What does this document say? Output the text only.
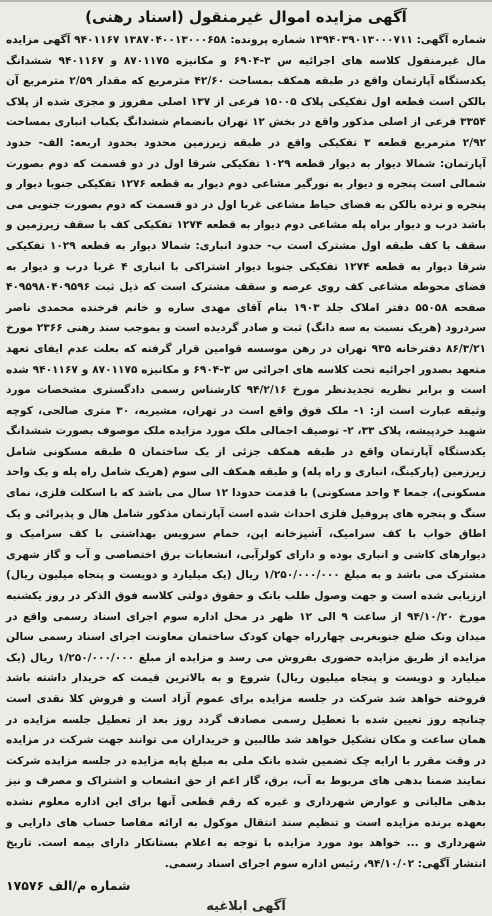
آگهی مزایده اموال غیرمنقول (اسناد رهنی)

شماره آگهی: ۱۳۹۴۰۳۹۰۱۳۰۰۰۷۱۱ شماره پرونده: ۱۳۸۷۰۴۰۰۱۳۰۰۰۶۵۸ ۹۴۰۱۱۶۷ آگهی مزایده مال غیرمنقول کلاسه های اجرائیه س ۳-۶۹۰۴ و مکانیزه ۸۷۰۱۱۷۵ و ۹۴۰۱۱۶۷ ششدانگ یکدستگاه آپارتمان واقع در طبقه همکف بمساحت ۴۲/۶۰ مترمربع که مقدار ۲/۵۹ مترمربع آن بالکن است قطعه اول تفکیکی پلاک ۱۵۰۰۵ فرعی از ۱۳۷ اصلی مفروز و مجزی شده از پلاک ۳۳۵۴ فرعی از اصلی مذکور واقع در بخش ۱۲ تهران بانضمام ششدانگ یکباب انباری بمساحت ۲/۹۲ مترمربع قطعه ۳ تفکیکی واقع در طبقه زیرزمین محدود بحدود اربعه: الف- حدود آپارتمان: شمالا دیوار به دیوار قطعه ۱۰۲۹ تفکیکی شرقا اول در دو قسمت که دوم بصورت شمالی است پنجره و دیوار به نورگیر مشاعی دوم دیوار به قطعه ۱۲۷۶ تفکیکی جنوبا دیوار و پنجره و نرده بالکن به فضای حیاط مشاعی غربا اول در دو قسمت که دوم بصورت جنوبی می باشد درب و دیوار براه پله مشاعی دوم دیوار به قطعه ۱۲۷۴ تفکیکی کف با سقف زیرزمین و سقف با کف طبقه اول مشترک است ب- حدود انباری: شمالا دیوار به قطعه ۱۰۲۹ تفکیکی شرقا دیوار به قطعه ۱۲۷۴ تفکیکی جنوبا دیوار اشتراکی با انباری ۴ غربا درب و دیوار به فضای محوطه مشاعی کف روی عرصه و سقف مشترک است که ذیل ثبت ۴۰۹۵۹۸۰۴۰۹۵۹۶ صفحه ۵۵۰۵۸ دفتر املاک جلد ۱۹۰۳ بنام آقای مهدی ساره و خانم فرخنده محمدی ناصر سردرود (هریک نسبت به سه دانگ) ثبت و صادر گردیده است و بموجب سند رهنی ۲۳۶۶ مورخ ۸۶/۳/۲۱ دفترخانه ۹۳۵ تهران در رهن موسسه قوامین قرار گرفته که بعلت عدم ایفای تعهد متعهد بصدور اجرائیه تحت کلاسه های اجرائی س ۳-۶۹۰۴ و مکانیزه ۸۷۰۱۱۷۵ و ۹۴۰۱۱۶۷ شده است و برابر نظریه تجدیدنظر مورخ ۹۴/۲/۱۶ کارشناس رسمی دادگستری مشخصات مورد وثیقه عبارت است از: ۱- ملک فوق واقع است در تهران، مشیریه، ۳۰ متری صالحی، کوچه شهید خردپیشه، پلاک ۳۳، ۲- توصیف اجمالی ملک مورد مزایده ملک موصوف بصورت ششدانگ یکدستگاه آپارتمان واقع در طبقه همکف جزئی از یک ساختمان ۵ طبقه مسکونی شامل زیرزمین (پارکینگ، انباری و راه پله) و طبقه همکف الی سوم (هریک شامل راه پله و یک واحد مسکونی)، جمعا ۴ واحد مسکونی) با قدمت حدودا ۱۲ سال می باشد که با اسکلت فلزی، نمای سنگ و پنجره های پروفیل فلزی احداث شده است آپارتمان مذکور شامل هال و پذیرائی و یک اطاق خواب با کف سرامیک، آشپزخانه اپن، حمام سرویس بهداشتی با کف سرامیک و دیوارهای کاشی و انباری بوده و دارای کولرآبی، انشعابات برق اختصاصی و آب و گاز شهری مشترک می باشد و به مبلغ ۱/۲۵۰/۰۰۰/۰۰۰ ریال (یک میلیارد و دویست و پنجاه میلیون ریال) ارزیابی شده است و جهت وصول طلب بانک و حقوق دولتی کلاسه فوق الذکر در روز یکشنبه مورخ ۹۴/۱۰/۲۰ از ساعت ۹ الی ۱۲ ظهر در محل اداره سوم اجرای اسناد رسمی واقع در میدان ونک ضلع جنوبغربی چهارراه جهان کودک ساختمان معاونت اجرای اسناد رسمی سالن مزایده از طریق مزایده حضوری بفروش می رسد و مزایده از مبلغ ۱/۲۵۰/۰۰۰/۰۰۰ ریال (یک میلیارد و دویست و پنجاه میلیون ریال) شروع و به بالاترین قیمت که خریدار داشته باشد فروخته خواهد شد شرکت در جلسه مزایده برای عموم آزاد است و فروش کلا نقدی است چنانچه روز تعیین شده با تعطیل رسمی مصادف گردد روز بعد از تعطیل جلسه مزایده در همان ساعت و مکان تشکیل خواهد شد طالبین و خریداران می توانند جهت شرکت در مزایده در وقت مقرر با ارایه چک تضمین شده بانک ملی به مبلغ پایه مزایده در جلسه مزایده شرکت نمایند ضمنا بدهی های مربوط به آب، برق، گاز اعم از حق انشعاب و اشتراک و مصرف و نیز بدهی مالیاتی و عوارض شهرداری و غیره که رقم قطعی آنها برای این اداره معلوم نشده بعهده برنده مزایده است و تنظیم سند انتقال موکول به ارائه مفاصا حساب های دارایی و شهرداری و ... خواهد بود مورد مزایده با توجه به اعلام بستانکار دارای بیمه است. تاریخ انتشار آگهی: ۹۴/۱۰/۰۲، رئیس اداره سوم اجرای اسناد رسمی.

شماره م/الف ۱۷۵۷۶
آگهی ابلاغیه
